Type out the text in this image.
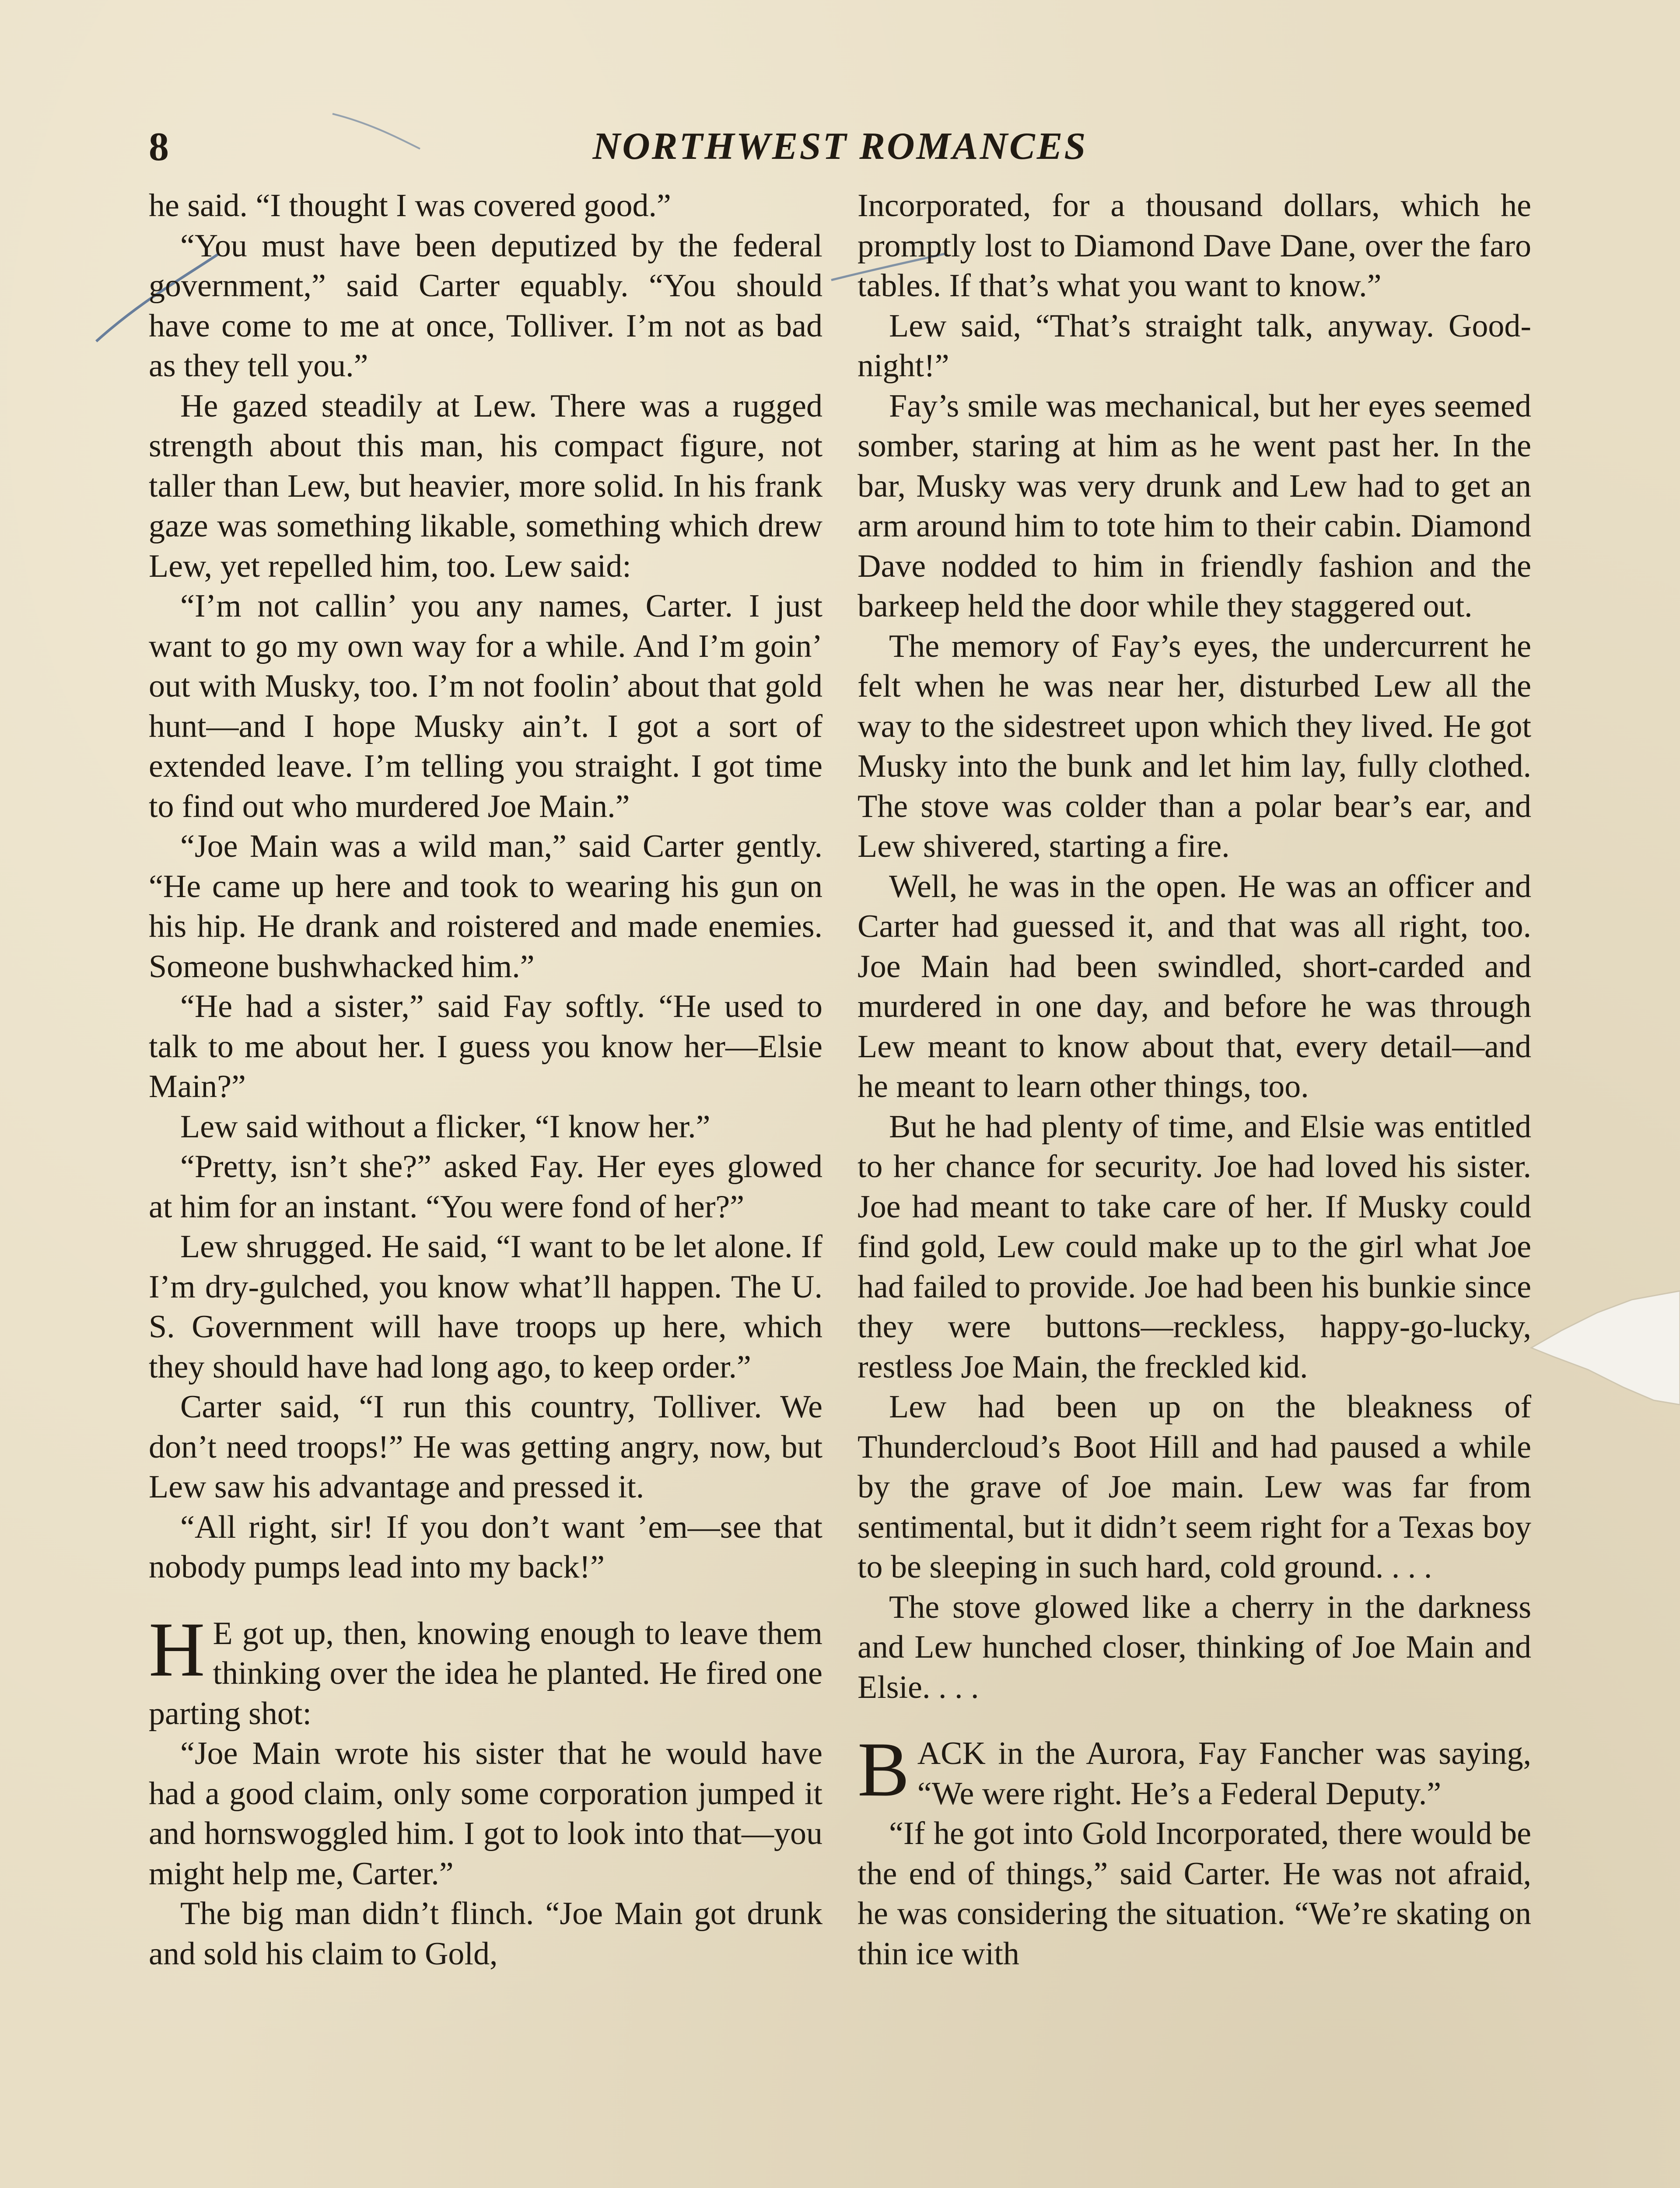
8	NORTHWEST ROMANCES

he said. “I thought I was covered good.”

“You must have been deputized by the federal government,” said Carter equably. “You should have come to me at once, Tolliver. I’m not as bad as they tell you.”

He gazed steadily at Lew. There was a rugged strength about this man, his compact figure, not taller than Lew, but heavier, more solid. In his frank gaze was something likable, something which drew Lew, yet repelled him, too. Lew said:

“I’m not callin’ you any names, Carter. I just want to go my own way for a while. And I’m goin’ out with Musky, too. I’m not foolin’ about that gold hunt—and I hope Musky ain’t. I got a sort of extended leave. I’m telling you straight. I got time to find out who murdered Joe Main.”

“Joe Main was a wild man,” said Carter gently. “He came up here and took to wearing his gun on his hip. He drank and roistered and made enemies. Someone bushwhacked him.”

“He had a sister,” said Fay softly. “He used to talk to me about her. I guess you know her—Elsie Main?”

Lew said without a flicker, “I know her.”

“Pretty, isn’t she?” asked Fay. Her eyes glowed at him for an instant. “You were fond of her?”

Lew shrugged. He said, “I want to be let alone. If I’m dry-gulched, you know what’ll happen. The U. S. Government will have troops up here, which they should have had long ago, to keep order.”

Carter said, “I run this country, Tolliver. We don’t need troops!” He was getting angry, now, but Lew saw his advantage and pressed it.

“All right, sir! If you don’t want ’em—see that nobody pumps lead into my back!”

H E got up, then, knowing enough to leave them thinking over the idea he planted. He fired one parting shot:

“Joe Main wrote his sister that he would have had a good claim, only some corporation jumped it and hornswoggled him. I got to look into that—you might help me, Carter.”

The big man didn’t flinch. “Joe Main got drunk and sold his claim to Gold,

Incorporated, for a thousand dollars, which he promptly lost to Diamond Dave Dane, over the faro tables. If that’s what you want to know.”

Lew said, “That’s straight talk, anyway. Good-night!”

Fay’s smile was mechanical, but her eyes seemed somber, staring at him as he went past her. In the bar, Musky was very drunk and Lew had to get an arm around him to tote him to their cabin. Diamond Dave nodded to him in friendly fashion and the barkeep held the door while they staggered out.

The memory of Fay’s eyes, the undercurrent he felt when he was near her, disturbed Lew all the way to the sidestreet upon which they lived. He got Musky into the bunk and let him lay, fully clothed. The stove was colder than a polar bear’s ear, and Lew shivered, starting a fire.

Well, he was in the open. He was an officer and Carter had guessed it, and that was all right, too. Joe Main had been swindled, short-carded and murdered in one day, and before he was through Lew meant to know about that, every detail—and he meant to learn other things, too.

But he had plenty of time, and Elsie was entitled to her chance for security. Joe had loved his sister. Joe had meant to take care of her. If Musky could find gold, Lew could make up to the girl what Joe had failed to provide. Joe had been his bunkie since they were buttons—reckless, happy-go-lucky, restless Joe Main, the freckled kid.

Lew had been up on the bleakness of Thundercloud’s Boot Hill and had paused a while by the grave of Joe main. Lew was far from sentimental, but it didn’t seem right for a Texas boy to be sleeping in such hard, cold ground. . . .

The stove glowed like a cherry in the darkness and Lew hunched closer, thinking of Joe Main and Elsie. . . .

BACK in the Aurora, Fay Fancher was saying, “We were right. He’s a Federal Deputy.”

“If he got into Gold Incorporated, there would be the end of things,” said Carter. He was not afraid, he was considering the situation. “We’re skating on thin ice with
